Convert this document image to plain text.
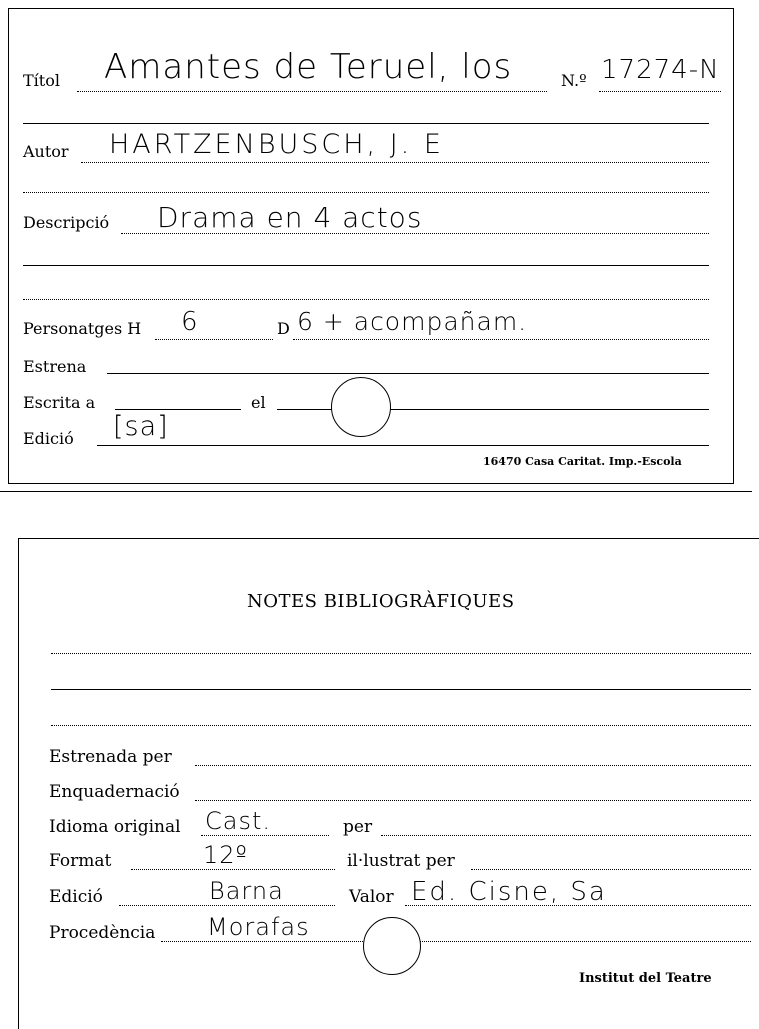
Títol Amantes de Teruel, los	N.º 17274-N
Autor HARTZENBUSCH, J. E
Descripció Drama en 4 actos
Personatges H 6	D 6 + acompañam.
Estrena
Escrita a	el
Edició [sa]
16470 Casa Caritat. Imp.-Escola
NOTES BIBLIOGRÀFIQUES
Estrenada per
Enquadernació
Idioma original Cast.	per
Format	12º	il·lustrat per
Edició	Barna	Valor Ed. Cisne, Sa
Procedència Morafas
Institut del Teatre
